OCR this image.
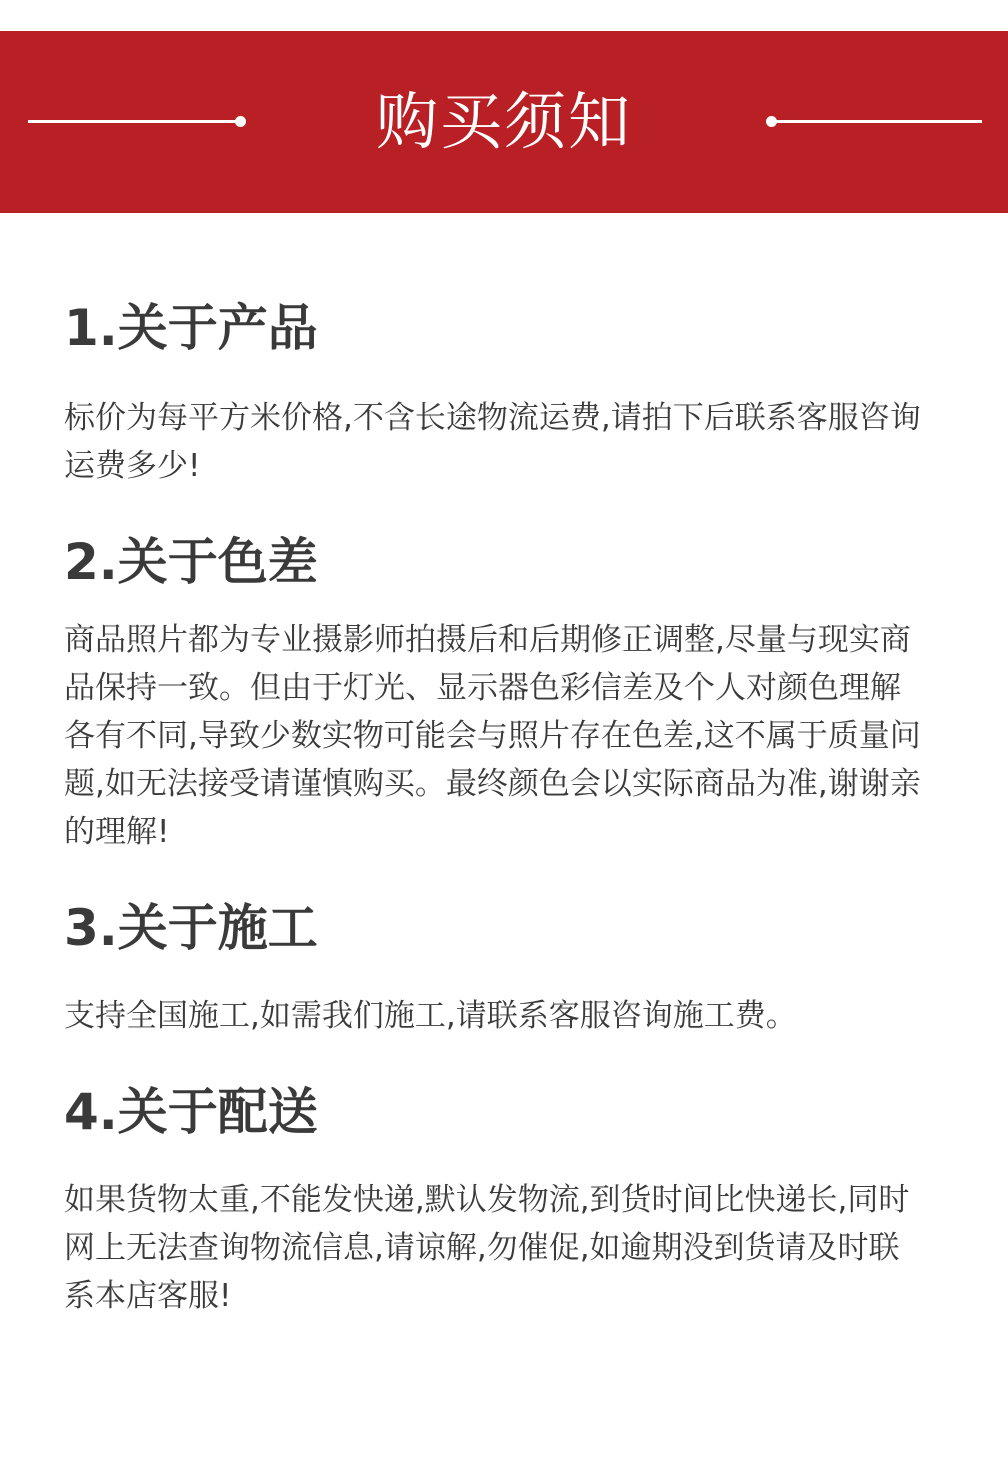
购买须知
1.关于产品

标价为每平方米价格,不含长途物流运费,请拍下后联系客服咨询
运费多少!

2.关于色差

商品照片都为专业摄影师拍摄后和后期修正调整,尽量与现实商
品保持一致。但由于灯光、显示器色彩信差及个人对颜色理解
各有不同,导致少数实物可能会与照片存在色差,这不属于质量问
题,如无法接受请谨慎购买。最终颜色会以实际商品为准,谢谢亲
的理解!

3.关于施工

支持全国施工,如需我们施工,请联系客服咨询施工费。

4.关于配送

如果货物太重,不能发快递,默认发物流,到货时间比快递长,同时
网上无法查询物流信息,请谅解,勿催促,如逾期没到货请及时联
系本店客服!
